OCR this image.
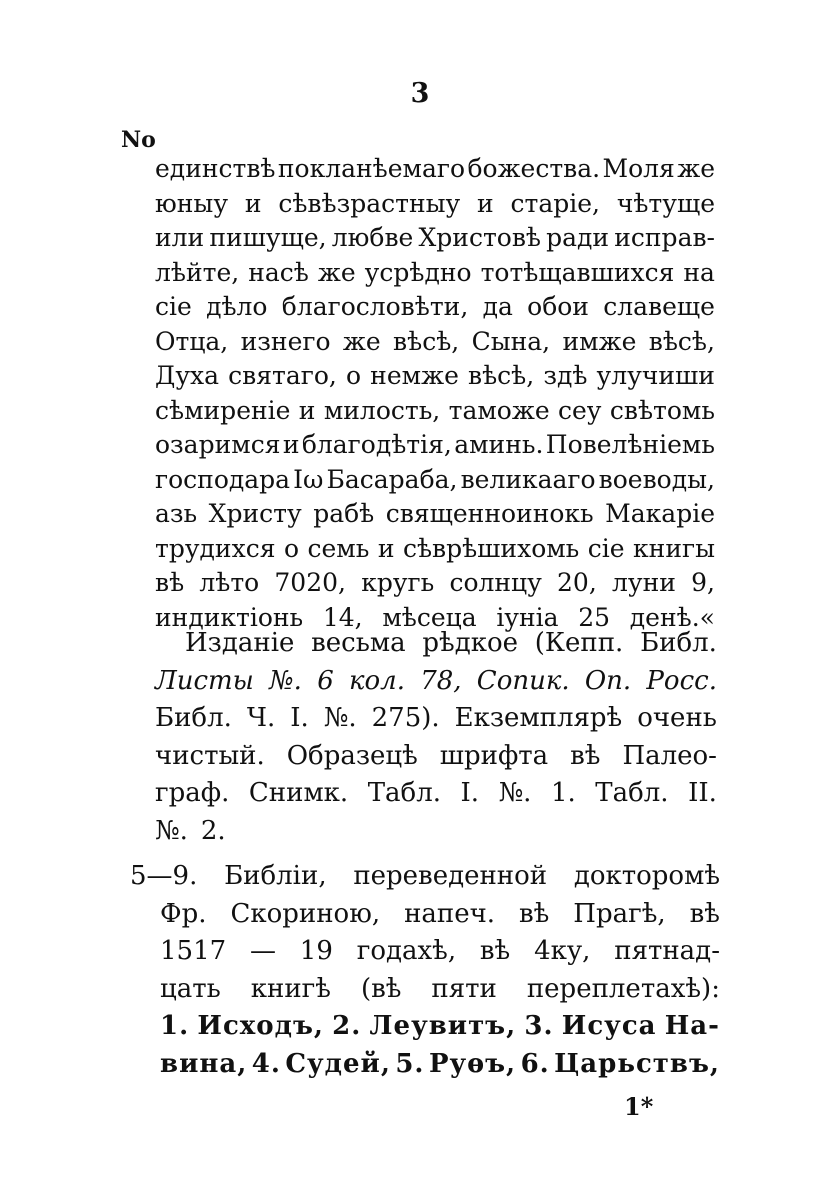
3
No
единствѣ покланѣемаго божества. Моля же
юныу и сѣвѣзрастныу и старіе, чѣтуще
или пишуще, любве Христовѣ ради исправ-
лѣйте, насѣ же усрѣдно тотѣщавшихся на
сіе дѣло благословѣти, да обои славеще
Отца, изнего же вѣсѣ, Сына, имже вѣсѣ,
Духа святаго, о немже вѣсѣ, здѣ улучиши
сѣмиреніе и милость, таможе сеу свѣтомь
озаримся и благодѣтія, аминь. Повелѣніемь
господара Іω Басараба, великааго воеводы,
азь Христу рабѣ священноинокь Макаріе
трудихся о семь и сѣврѣшихомь сіе книгы
вѣ лѣто 7020, кругь солнцу 20, луни 9,
индиктіонь 14, мѣсеца іуніа 25 денѣ.«
Изданіе весьма рѣдкое (Кепп. Библ.
Листы №. 6 кол. 78, Сопик. Оп. Росс.
Библ. Ч. I. №. 275). Екземплярѣ очень
чистый. Образецѣ шрифта вѣ Палео-
граф. Снимк. Табл. I. №. 1. Табл. II.
№. 2.
5—9. Библіи, переведенной докторомѣ
Фр. Скориною, напеч. вѣ Прагѣ, вѣ
1517 — 19 годахѣ, вѣ 4ку, пятнад-
цать книгѣ (вѣ пяти переплетахѣ):
1. Исходъ, 2. Леувитъ, 3. Исуса На-
вина, 4. Судей, 5. Руѳъ, 6. Царьствъ,
1*
